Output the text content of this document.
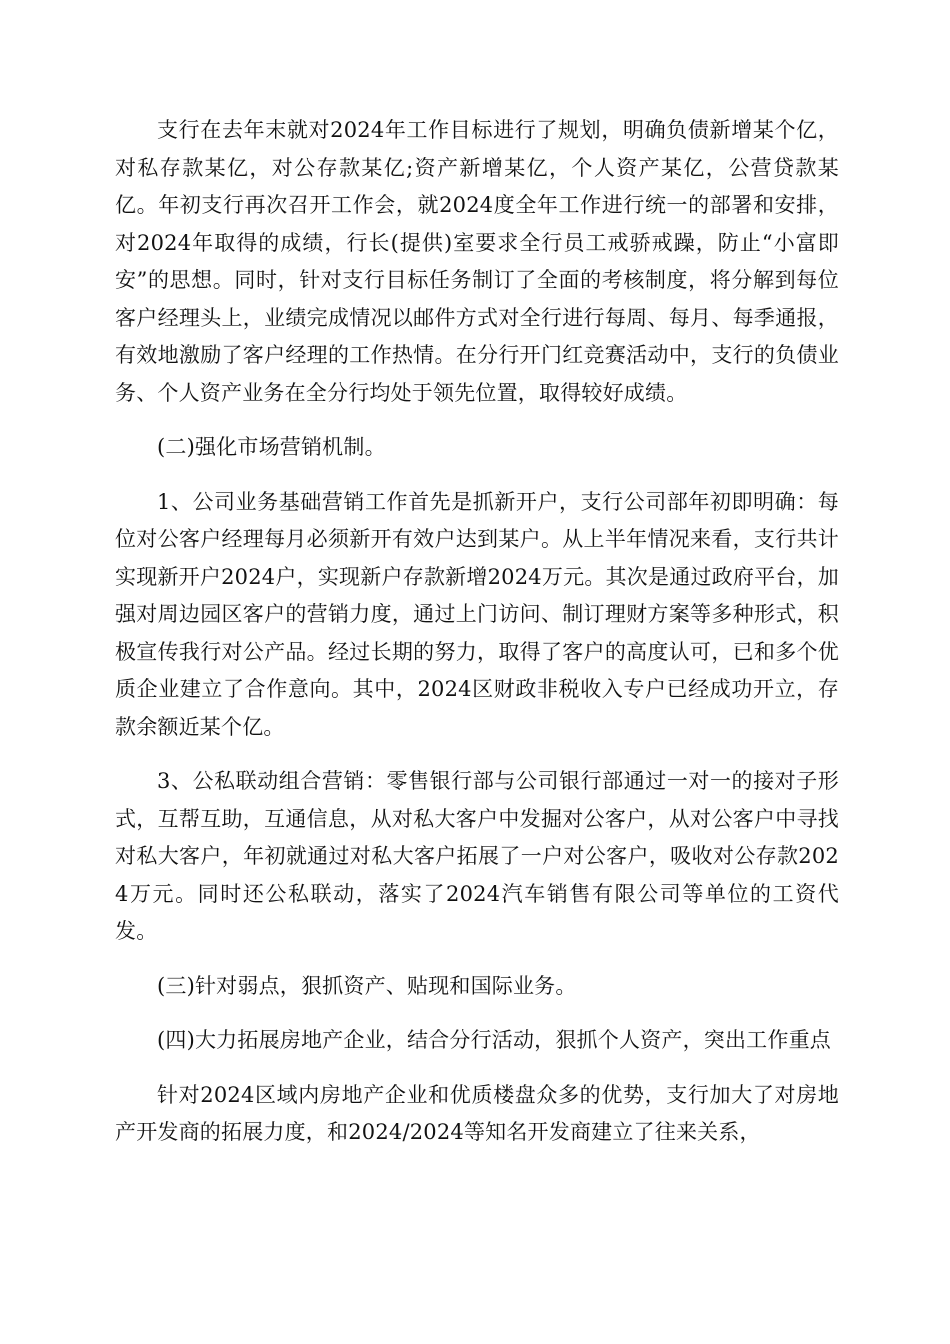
支行在去年末就对2024年工作目标进行了规划，明确负债新增某个亿，对私存款某亿，对公存款某亿;资产新增某亿，个人资产某亿，公营贷款某亿。年初支行再次召开工作会，就2024度全年工作进行统一的部署和安排，对2024年取得的成绩，行长(提供)室要求全行员工戒骄戒躁，防止“小富即安”的思想。同时，针对支行目标任务制订了全面的考核制度，将分解到每位客户经理头上，业绩完成情况以邮件方式对全行进行每周、每月、每季通报，有效地激励了客户经理的工作热情。在分行开门红竞赛活动中，支行的负债业务、个人资产业务在全分行均处于领先位置，取得较好成绩。

(二)强化市场营销机制。

1、公司业务基础营销工作首先是抓新开户，支行公司部年初即明确：每位对公客户经理每月必须新开有效户达到某户。从上半年情况来看，支行共计实现新开户2024户，实现新户存款新增2024万元。其次是通过政府平台，加强对周边园区客户的营销力度，通过上门访问、制订理财方案等多种形式，积极宣传我行对公产品。经过长期的努力，取得了客户的高度认可，已和多个优质企业建立了合作意向。其中，2024区财政非税收入专户已经成功开立，存款余额近某个亿。

3、公私联动组合营销：零售银行部与公司银行部通过一对一的接对子形式，互帮互助，互通信息，从对私大客户中发掘对公客户，从对公客户中寻找对私大客户，年初就通过对私大客户拓展了一户对公客户，吸收对公存款2024万元。同时还公私联动，落实了2024汽车销售有限公司等单位的工资代发。

(三)针对弱点，狠抓资产、贴现和国际业务。

(四)大力拓展房地产企业，结合分行活动，狠抓个人资产，突出工作重点

针对2024区域内房地产企业和优质楼盘众多的优势，支行加大了对房地产开发商的拓展力度，和2024/2024等知名开发商建立了往来关系，
